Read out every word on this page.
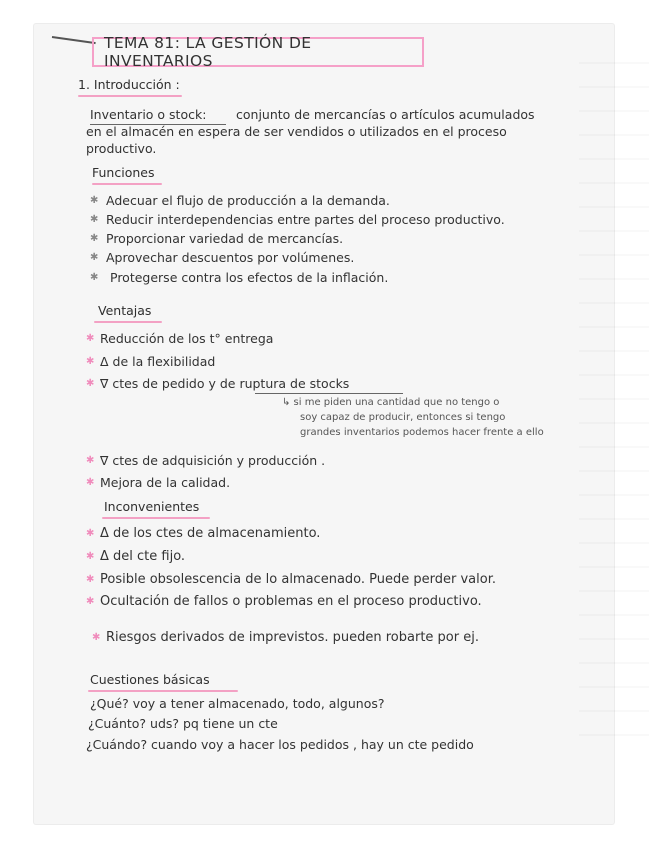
TEMA 81: LA GESTIÓN DE INVENTARIOS
1. Introducción :
Inventario o stock: conjunto de mercancías o artículos acumulados
en el almacén en espera de ser vendidos o utilizados en el proceso
productivo.
Funciones
✱ Adecuar el flujo de producción a la demanda.
✱ Reducir interdependencias entre partes del proceso productivo.
✱ Proporcionar variedad de mercancías.
✱ Aprovechar descuentos por volúmenes.
✱ Protegerse contra los efectos de la inflación.
Ventajas
✱ Reducción de los t° entrega
✱ Δ de la flexibilidad
✱ ∇ ctes de pedido y de ruptura de stocks
↳ si me piden una cantidad que no tengo o
soy capaz de producir, entonces si tengo
grandes inventarios podemos hacer frente a ello
✱ ∇ ctes de adquisición y producción .
✱ Mejora de la calidad.
Inconvenientes
✱ Δ de los ctes de almacenamiento.
✱ Δ del cte fijo.
✱ Posible obsolescencia de lo almacenado. Puede perder valor.
✱ Ocultación de fallos o problemas en el proceso productivo.
✱ Riesgos derivados de imprevistos. pueden robarte por ej.
Cuestiones básicas
¿Qué? voy a tener almacenado, todo, algunos?
¿Cuánto? uds? pq tiene un cte
¿Cuándo? cuando voy a hacer los pedidos , hay un cte pedido
